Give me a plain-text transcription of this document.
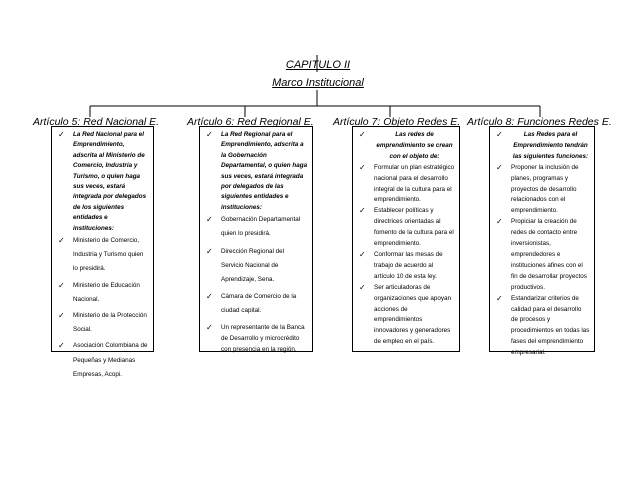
CAPITULO II
Marco Institucional
Artículo 5: Red Nacional E.	Artículo 6: Red Regional E. Artículo 7: Objeto Redes E. Artículo 8: Funciones Redes E.
✓ La Red Nacional para el Emprendimiento, adscrita al Ministerio de Comercio, Industria y Turismo, o quien haga sus veces, estará integrada por delegados de los siguientes entidades e instituciones:
✓ Ministerio de Comercio, Industria y Turismo quien lo presidirá.
✓ Ministerio de Educación Nacional.
✓ Ministerio de la Protección Social.
✓ Asociación Colombiana de Pequeñas y Medianas Empresas, Acopi.
✓ La Red Regional para el Emprendimiento, adscrita a la Gobernación Departamental, o quien haga sus veces, estará integrada por delegados de las siguientes entidades e instituciones:
✓ Gobernación Departamental quien lo presidirá.
✓ Dirección Regional del Servicio Nacional de Aprendizaje, Sena.
✓ Cámara de Comercio de la ciudad capital.
✓ Un representante de la Banca de Desarrollo y microcrédito con presencia en la región.
✓	Las redes de emprendimiento se crean con el objeto de:
✓ Formular un plan estratégico nacional para el desarrollo integral de la cultura para el emprendimiento.
✓ Establecer políticas y directrices orientadas al fomento de la cultura para el emprendimiento.
✓ Conformar las mesas de trabajo de acuerdo al artículo 10 de esta ley.
✓ Ser articuladoras de organizaciones que apoyan acciones de emprendimientos innovadores y generadores de empleo en el país.
✓	Las Redes para el Emprendimiento tendrán las siguientes funciones:
✓ Proponer la inclusión de planes, programas y proyectos de desarrollo relacionados con el emprendimiento.
✓ Propiciar la creación de redes de contacto entre inversionistas, emprendedores e instituciones afines con el fin de desarrollar proyectos productivos.
✓ Estandarizar criterios de calidad para el desarrollo de procesos y procedimientos en todas las fases del emprendimiento empresarial.
